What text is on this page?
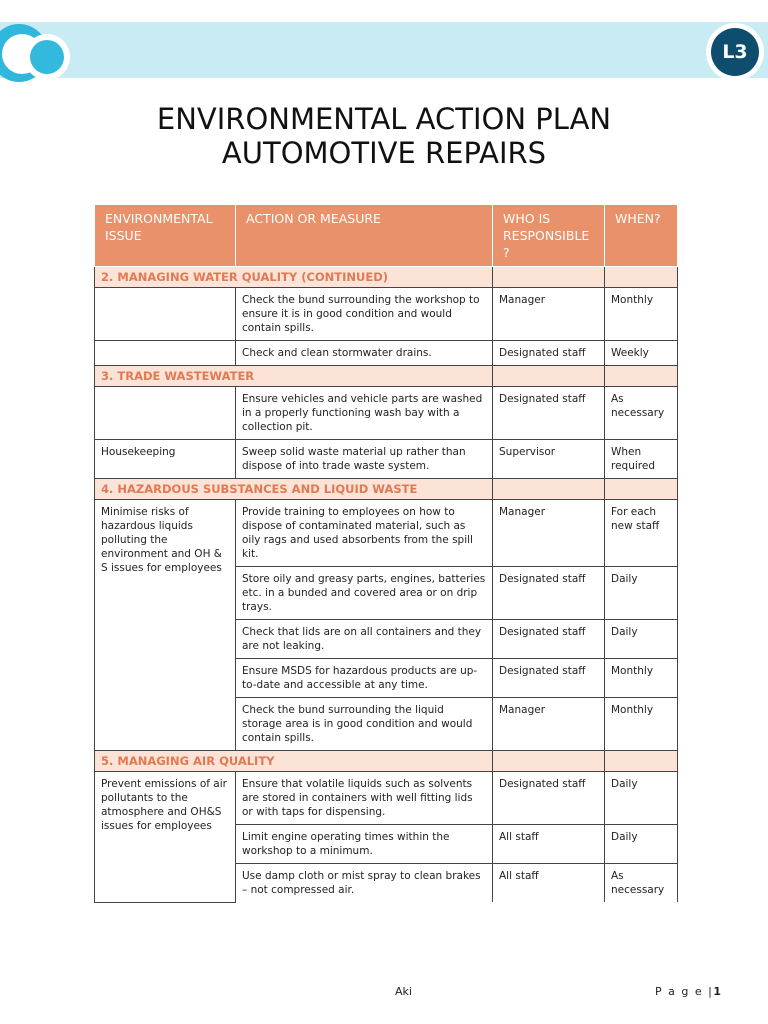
L3
ENVIRONMENTAL ACTION PLAN
AUTOMOTIVE REPAIRS
ENVIRONMENTAL ISSUE	ACTION OR MEASURE	WHO IS RESPONSIBLE?	WHEN?
2. MANAGING WATER QUALITY (CONTINUED)			
	Check the bund surrounding the workshop to ensure it is in good condition and would contain spills.	Manager	Monthly
	Check and clean stormwater drains.	Designated staff	Weekly
3. TRADE WASTEWATER			
	Ensure vehicles and vehicle parts are washed in a properly functioning wash bay with a collection pit.	Designated staff	As necessary
Housekeeping	Sweep solid waste material up rather than dispose of into trade waste system.	Supervisor	When required
4. HAZARDOUS SUBSTANCES AND LIQUID WASTE			
Minimise risks of hazardous liquids polluting the environment and OH & S issues for employees	Provide training to employees on how to dispose of contaminated material, such as oily rags and used absorbents from the spill kit.	Manager	For each new staff
	Store oily and greasy parts, engines, batteries etc. in a bunded and covered area or on drip trays.	Designated staff	Daily
	Check that lids are on all containers and they are not leaking.	Designated staff	Daily
	Ensure MSDS for hazardous products are up-to-date and accessible at any time.	Designated staff	Monthly
	Check the bund surrounding the liquid storage area is in good condition and would contain spills.	Manager	Monthly
5. MANAGING AIR QUALITY			
Prevent emissions of air pollutants to the atmosphere and OH&S issues for employees	Ensure that volatile liquids such as solvents are stored in containers with well fitting lids or with taps for dispensing.	Designated staff	Daily
	Limit engine operating times within the workshop to a minimum.	All staff	Daily
	Use damp cloth or mist spray to clean brakes – not compressed air.	All staff	As necessary
Aki	P a g e |1
